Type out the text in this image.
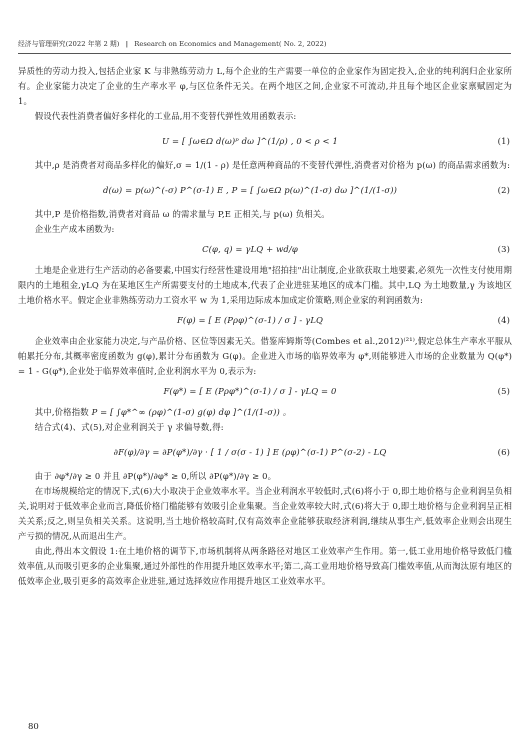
经济与管理研究(2022 年第 2 期) | Research on Economics and Management( No. 2, 2022)

异质性的劳动力投入,包括企业家 K 与非熟练劳动力 L,每个企业的生产需要一单位的企业家作为固定投入,企业的纯利润归企业家所有。企业家能力决定了企业的生产率水平 φ,与区位条件无关。在两个地区之间,企业家不可流动,并且每个地区企业家禀赋固定为 1。

假设代表性消费者偏好多样化的工业品,用不变替代弹性效用函数表示:

U = [ ∫ω∈Ω d(ω)ᵖ dω ]^(1/ρ) , 0 < ρ < 1	(1)

其中,ρ 是消费者对商品多样化的偏好,σ = 1/(1 - ρ) 是任意两种商品的不变替代弹性,消费者对价格为 p(ω) 的商品需求函数为:

d(ω) = p(ω)^(-σ) P^(σ-1) E , P = [ ∫ω∈Ω p(ω)^(1-σ) dω ]^(1/(1-σ))	(2)

其中,P 是价格指数,消费者对商品 ω 的需求量与 P,E 正相关,与 p(ω) 负相关。

企业生产成本函数为:

C(φ, q) = γLQ + wd/φ	(3)

土地是企业进行生产活动的必备要素,中国实行经营性建设用地"招拍挂"出让制度,企业欲获取土地要素,必须先一次性支付使用期限内的土地租金,γLQ 为在某地区生产所需要支付的土地成本,代表了企业进驻某地区的成本门槛。其中,LQ 为土地数量,γ 为该地区土地价格水平。假定企业非熟练劳动力工资水平 w 为 1,采用边际成本加成定价策略,则企业家的利润函数为:

F(φ) = [ E (Pρφ)^(σ-1) / σ ] - γLQ	(4)

企业效率由企业家能力决定,与产品价格、区位等因素无关。借鉴库姆斯等(Combes et al.,2012)⁽²¹⁾,假定总体生产率水平服从帕累托分布,其概率密度函数为 g(φ),累计分布函数为 G(φ)。企业进入市场的临界效率为 φ*,则能够进入市场的企业数量为 Q(φ*) = 1 - G(φ*),企业处于临界效率值时,企业利润水平为 0,表示为:

F(φ*) = [ E (Pρφ*)^(σ-1) / σ ] - γLQ = 0	(5)

其中,价格指数 P = [ ∫φ*^∞ (ρφ)^(1-σ) g(φ) dφ ]^(1/(1-σ)) 。

结合式(4)、式(5),对企业利润关于 γ 求偏导数,得:

∂F(φ)/∂γ = ∂P(φ*)/∂γ · [ 1 / σ(σ - 1) ] E (ρφ)^(σ-1) P^(σ-2) - LQ	(6)

由于 ∂φ*/∂γ ≥ 0 并且 ∂P(φ*)/∂φ* ≥ 0,所以 ∂P(φ*)/∂γ ≥ 0。

在市场规模给定的情况下,式(6)大小取决于企业效率水平。当企业利润水平较低时,式(6)将小于 0,即土地价格与企业利润呈负相关,说明对于低效率企业而言,降低价格门槛能够有效吸引企业集聚。当企业效率较大时,式(6)将大于 0,即土地价格与企业利润呈正相关关系;反之,则呈负相关关系。这说明,当土地价格较高时,仅有高效率企业能够获取经济利润,继续从事生产,低效率企业则会出现生产亏损的情况,从而退出生产。

由此,得出本文假设 1:在土地价格的调节下,市场机制将从两条路径对地区工业效率产生作用。第一,低工业用地价格导致低门槛效率值,从而吸引更多的企业集聚,通过外部性的作用提升地区效率水平;第二,高工业用地价格导致高门槛效率值,从而淘汰原有地区的低效率企业,吸引更多的高效率企业进驻,通过选择效应作用提升地区工业效率水平。

80
